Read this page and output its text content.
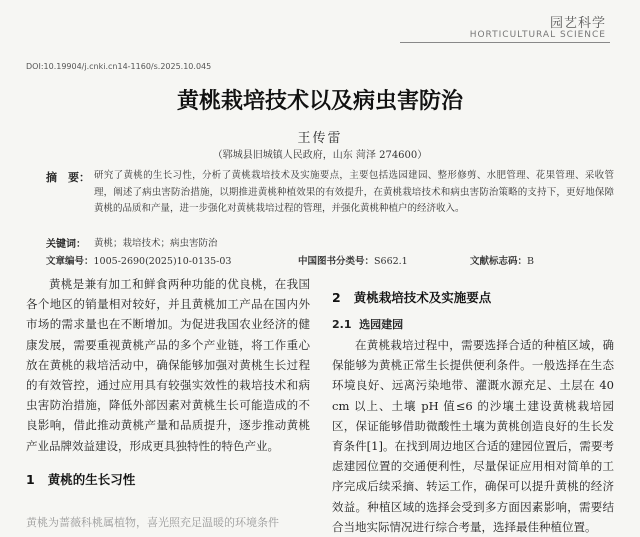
园艺科学
HORTICULTURAL SCIENCE
DOI:10.19904/j.cnki.cn14-1160/s.2025.10.045
黄桃栽培技术以及病虫害防治
王传雷
（郓城县旧城镇人民政府，山东 菏泽 274600）
摘　要： 研究了黄桃的生长习性，分析了黄桃栽培技术及实施要点，主要包括选园建园、整形修剪、水肥管理、花果管理、采收管理，阐述了病虫害防治措施，以期推进黄桃种植效果的有效提升，在黄桃栽培技术和病虫害防治策略的支持下，更好地保障黄桃的品质和产量，进一步强化对黄桃栽培过程的管理，并强化黄桃种植户的经济收入。
关键词： 黄桃；栽培技术；病虫害防治
文章编号：1005-2690(2025)10-0135-03	中国图书分类号：S662.1	文献标志码：B
黄桃是兼有加工和鲜食两种功能的优良桃，在我国各个地区的销量相对较好，并且黄桃加工产品在国内外市场的需求量也在不断增加。为促进我国农业经济的健康发展，需要重视黄桃产品的多个产业链，将工作重心放在黄桃的栽培活动中，确保能够加强对黄桃生长过程的有效管控，通过应用具有较强实效性的栽培技术和病虫害防治措施，降低外部因素对黄桃生长可能造成的不良影响，借此推动黄桃产量和品质提升，逐步推动黄桃产业品牌效益建设，形成更具独特性的特色产业。
1 黄桃的生长习性
黄桃为蔷薇科桃属植物，喜光照充足温暖的环境条件
2 黄桃栽培技术及实施要点
2.1 选园建园
在黄桃栽培过程中，需要选择合适的种植区域，确保能够为黄桃正常生长提供便利条件。一般选择在生态环境良好、远离污染地带、灌溉水源充足、土层在 40 cm 以上、土壤 pH 值≤6 的沙壤土建设黄桃栽培园区，保证能够借助微酸性土壤为黄桃创造良好的生长发育条件[1]。在找到周边地区合适的建园位置后，需要考虑建园位置的交通便利性，尽量保证应用相对简单的工序完成后续采摘、转运工作，确保可以提升黄桃的经济效益。种植区域的选择会受到多方面因素影响，需要结合当地实际情况进行综合考量，选择最佳种植位置。
